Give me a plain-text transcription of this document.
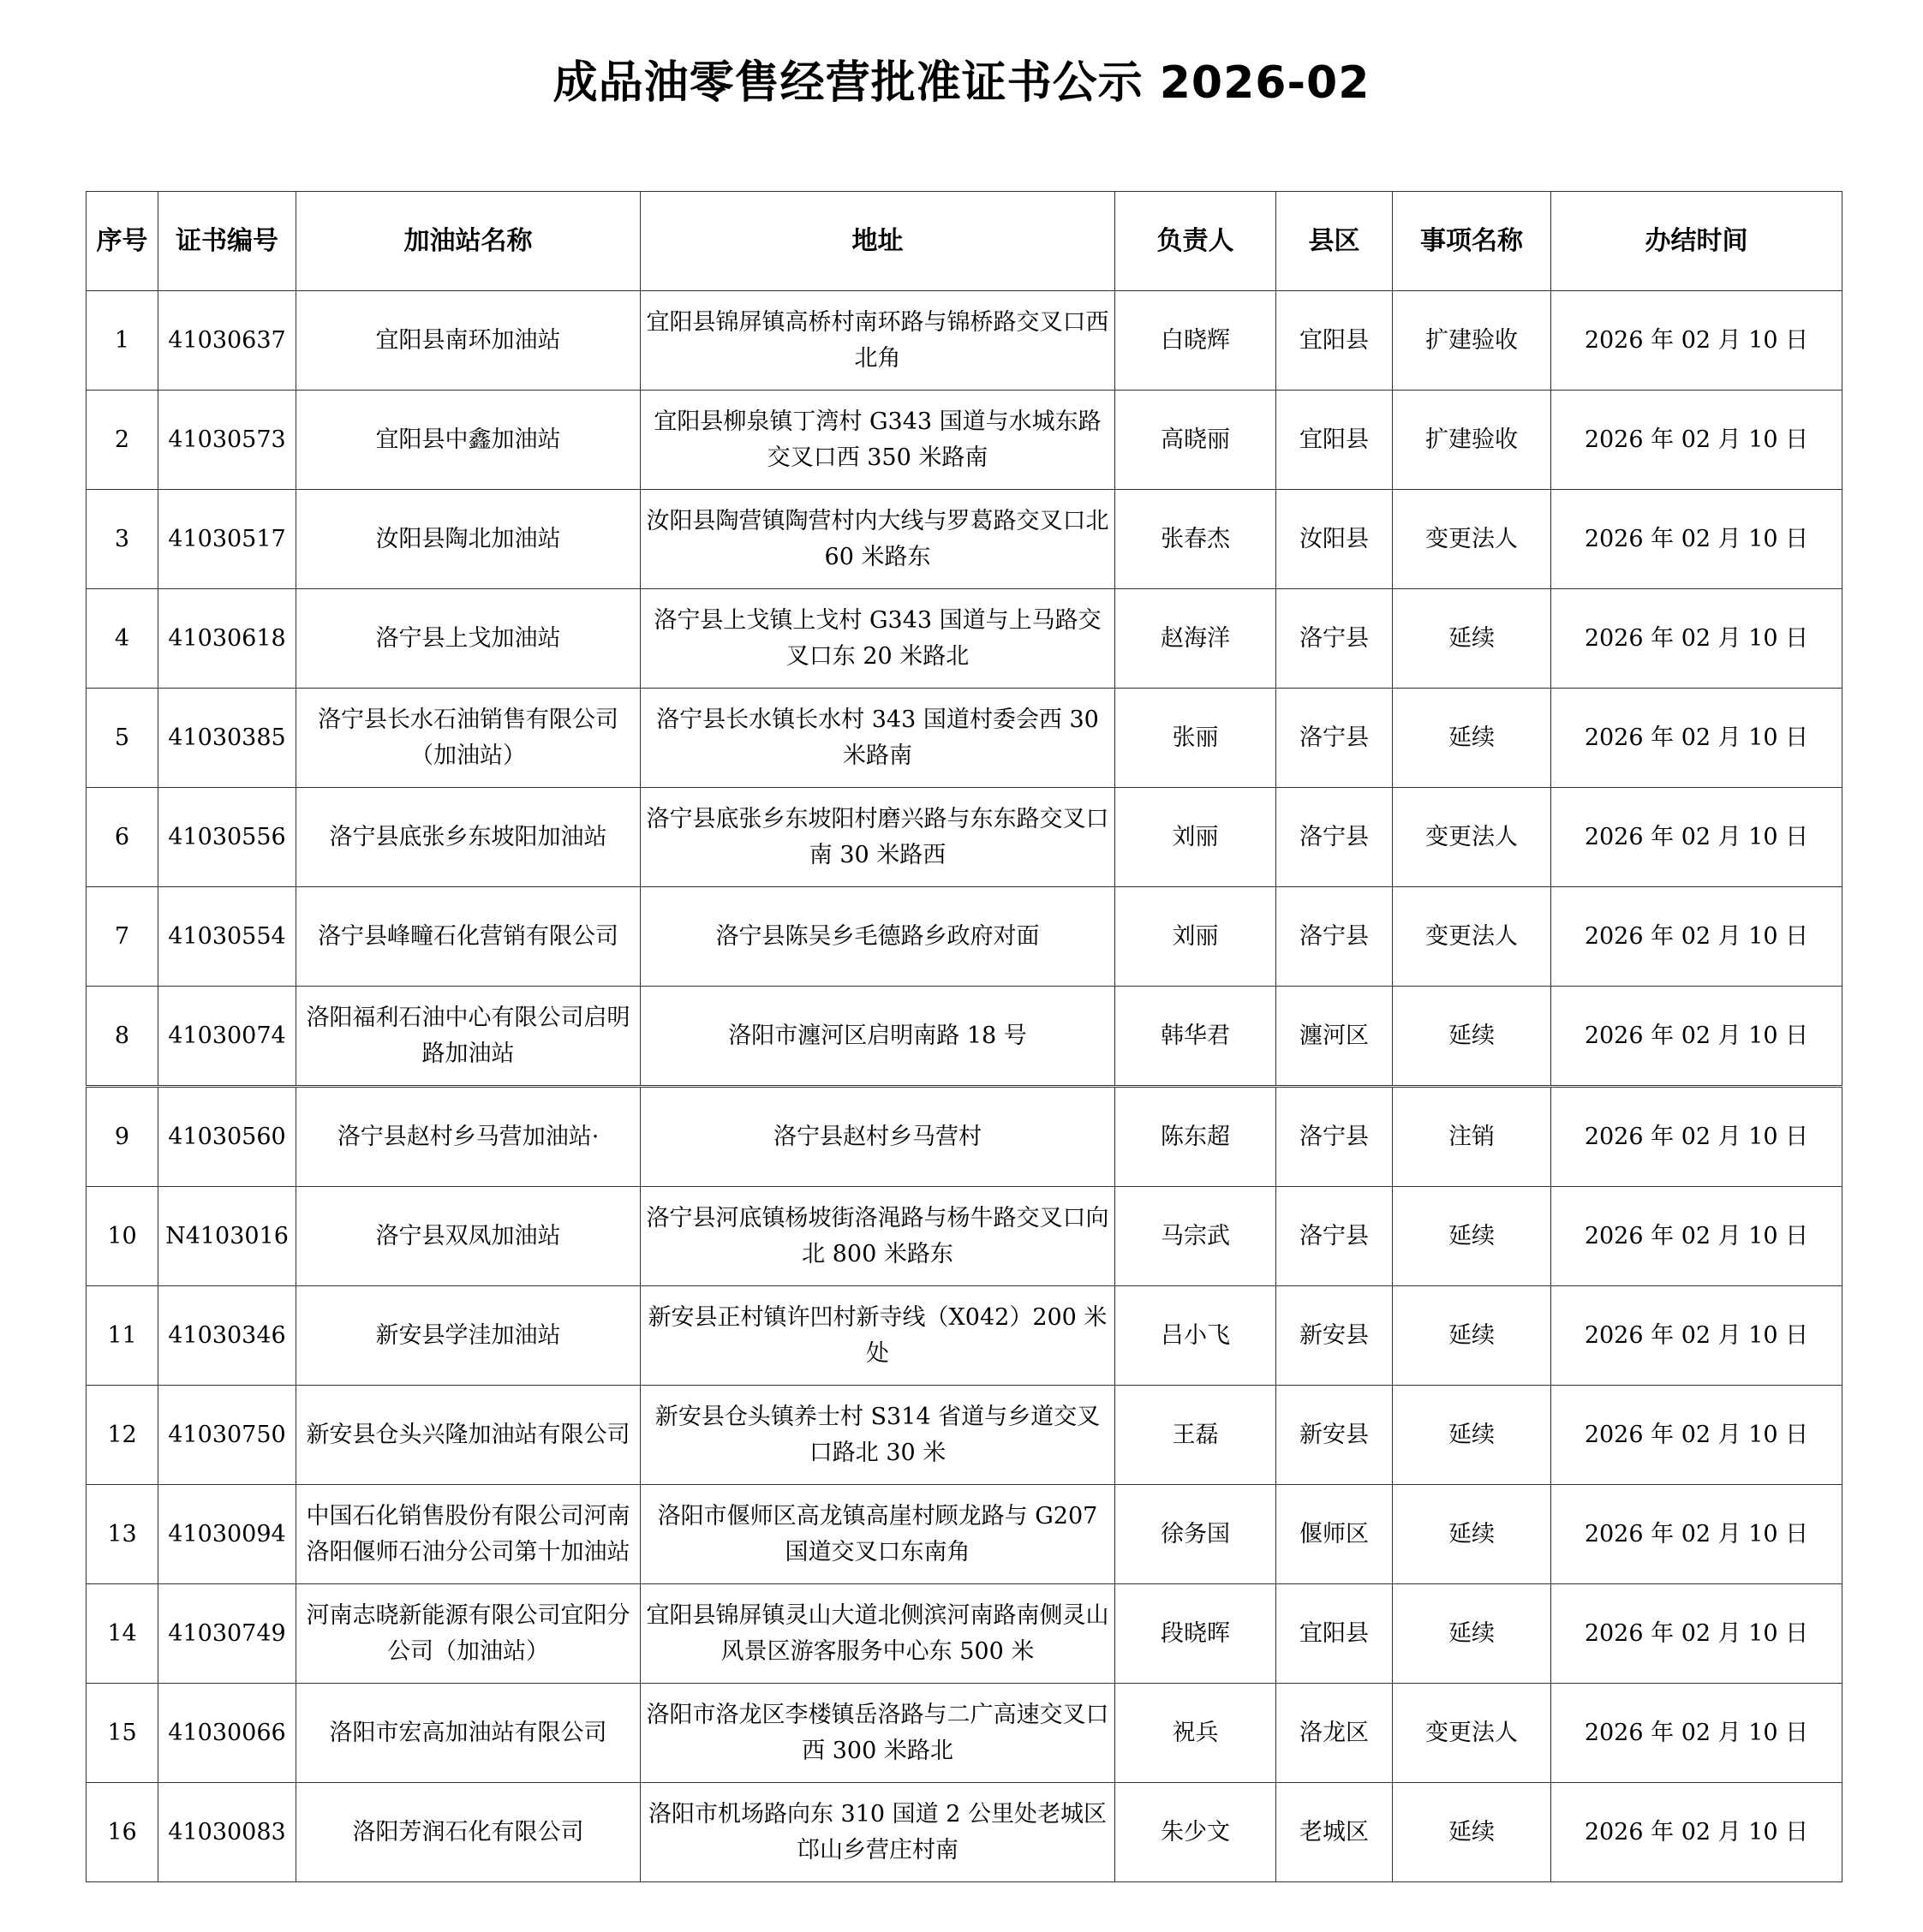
成品油零售经营批准证书公示 2026-02
序号	证书编号	加油站名称	地址	负责人	县区	事项名称	办结时间
1	41030637	宜阳县南环加油站	宜阳县锦屏镇高桥村南环路与锦桥路交叉口西北角	白晓辉	宜阳县	扩建验收	2026 年 02 月 10 日
2	41030573	宜阳县中鑫加油站	宜阳县柳泉镇丁湾村 G343 国道与水城东路交叉口西 350 米路南	高晓丽	宜阳县	扩建验收	2026 年 02 月 10 日
3	41030517	汝阳县陶北加油站	汝阳县陶营镇陶营村内大线与罗葛路交叉口北 60 米路东	张春杰	汝阳县	变更法人	2026 年 02 月 10 日
4	41030618	洛宁县上戈加油站	洛宁县上戈镇上戈村 G343 国道与上马路交叉口东 20 米路北	赵海洋	洛宁县	延续	2026 年 02 月 10 日
5	41030385	洛宁县长水石油销售有限公司（加油站）	洛宁县长水镇长水村 343 国道村委会西 30 米路南	张丽	洛宁县	延续	2026 年 02 月 10 日
6	41030556	洛宁县底张乡东坡阳加油站	洛宁县底张乡东坡阳村磨兴路与东东路交叉口南 30 米路西	刘丽	洛宁县	变更法人	2026 年 02 月 10 日
7	41030554	洛宁县峰疃石化营销有限公司	洛宁县陈吴乡毛德路乡政府对面	刘丽	洛宁县	变更法人	2026 年 02 月 10 日
8	41030074	洛阳福利石油中心有限公司启明路加油站	洛阳市瀍河区启明南路 18 号	韩华君	瀍河区	延续	2026 年 02 月 10 日
9	41030560	洛宁县赵村乡马营加油站·	洛宁县赵村乡马营村	陈东超	洛宁县	注销	2026 年 02 月 10 日
10	N4103016	洛宁县双凤加油站	洛宁县河底镇杨坡街洛渑路与杨牛路交叉口向北 800 米路东	马宗武	洛宁县	延续	2026 年 02 月 10 日
11	41030346	新安县学洼加油站	新安县正村镇许凹村新寺线（X042）200 米处	吕小飞	新安县	延续	2026 年 02 月 10 日
12	41030750	新安县仓头兴隆加油站有限公司	新安县仓头镇养士村 S314 省道与乡道交叉口路北 30 米	王磊	新安县	延续	2026 年 02 月 10 日
13	41030094	中国石化销售股份有限公司河南洛阳偃师石油分公司第十加油站	洛阳市偃师区高龙镇高崖村顾龙路与 G207 国道交叉口东南角	徐务国	偃师区	延续	2026 年 02 月 10 日
14	41030749	河南志晓新能源有限公司宜阳分公司（加油站）	宜阳县锦屏镇灵山大道北侧滨河南路南侧灵山风景区游客服务中心东 500 米	段晓晖	宜阳县	延续	2026 年 02 月 10 日
15	41030066	洛阳市宏高加油站有限公司	洛阳市洛龙区李楼镇岳洛路与二广高速交叉口西 300 米路北	祝兵	洛龙区	变更法人	2026 年 02 月 10 日
16	41030083	洛阳芳润石化有限公司	洛阳市机场路向东 310 国道 2 公里处老城区邙山乡营庄村南	朱少文	老城区	延续	2026 年 02 月 10 日
